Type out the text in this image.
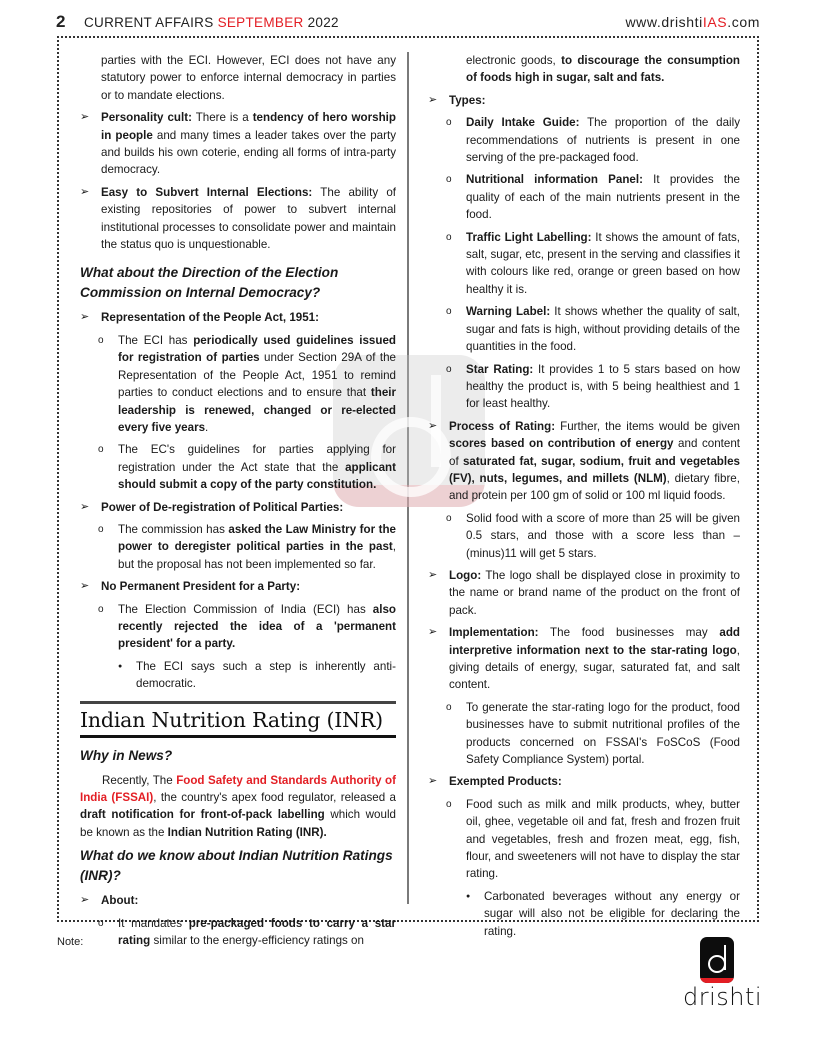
2 CURRENT AFFAIRS SEPTEMBER 2022	www.drishtiIAS.com
parties with the ECI. However, ECI does not have any statutory power to enforce internal democracy in parties or to mandate elections.
➢ Personality cult: There is a tendency of hero worship in people and many times a leader takes over the party and builds his own coterie, ending all forms of intra-party democracy.
➢ Easy to Subvert Internal Elections: The ability of existing repositories of power to subvert internal institutional processes to consolidate power and maintain the status quo is unquestionable.
What about the Direction of the Election Commission on Internal Democracy?
➢ Representation of the People Act, 1951:
o The ECI has periodically used guidelines issued for registration of parties under Section 29A of the Representation of the People Act, 1951 to remind parties to conduct elections and to ensure that their leadership is renewed, changed or re-elected every five years.
o The EC's guidelines for parties applying for registration under the Act state that the applicant should submit a copy of the party constitution.
➢ Power of De-registration of Political Parties:
o The commission has asked the Law Ministry for the power to deregister political parties in the past, but the proposal has not been implemented so far.
➢ No Permanent President for a Party:
o The Election Commission of India (ECI) has also recently rejected the idea of a 'permanent president' for a party.
● The ECI says such a step is inherently anti-democratic.
Indian Nutrition Rating (INR)
Why in News?
Recently, The Food Safety and Standards Authority of India (FSSAI), the country's apex food regulator, released a draft notification for front-of-pack labelling which would be known as the Indian Nutrition Rating (INR).
What do we know about Indian Nutrition Ratings (INR)?
➢ About:
o It mandates pre-packaged foods to carry a star rating similar to the energy-efficiency ratings on
electronic goods, to discourage the consumption of foods high in sugar, salt and fats.
➢ Types:
o Daily Intake Guide: The proportion of the daily recommendations of nutrients is present in one serving of the pre-packaged food.
o Nutritional information Panel: It provides the quality of each of the main nutrients present in the food.
o Traffic Light Labelling: It shows the amount of fats, salt, sugar, etc, present in the serving and classifies it with colours like red, orange or green based on how healthy it is.
o Warning Label: It shows whether the quality of salt, sugar and fats is high, without providing details of the quantities in the food.
o Star Rating: It provides 1 to 5 stars based on how healthy the product is, with 5 being healthiest and 1 for least healthy.
➢ Process of Rating: Further, the items would be given scores based on contribution of energy and content of saturated fat, sugar, sodium, fruit and vegetables (FV), nuts, legumes, and millets (NLM), dietary fibre, and protein per 100 gm of solid or 100 ml liquid foods.
o Solid food with a score of more than 25 will be given 0.5 stars, and those with a score less than – (minus)11 will get 5 stars.
➢ Logo: The logo shall be displayed close in proximity to the name or brand name of the product on the front of pack.
➢ Implementation: The food businesses may add interpretive information next to the star-rating logo, giving details of energy, sugar, saturated fat, and salt content.
o To generate the star-rating logo for the product, food businesses have to submit nutritional profiles of the products concerned on FSSAI's FoSCoS (Food Safety Compliance System) portal.
➢ Exempted Products:
o Food such as milk and milk products, whey, butter oil, ghee, vegetable oil and fat, fresh and frozen fruit and vegetables, fresh and frozen meat, egg, fish, flour, and sweeteners will not have to display the star rating.
● Carbonated beverages without any energy or sugar will also not be eligible for declaring the rating.
Note:
drishti
